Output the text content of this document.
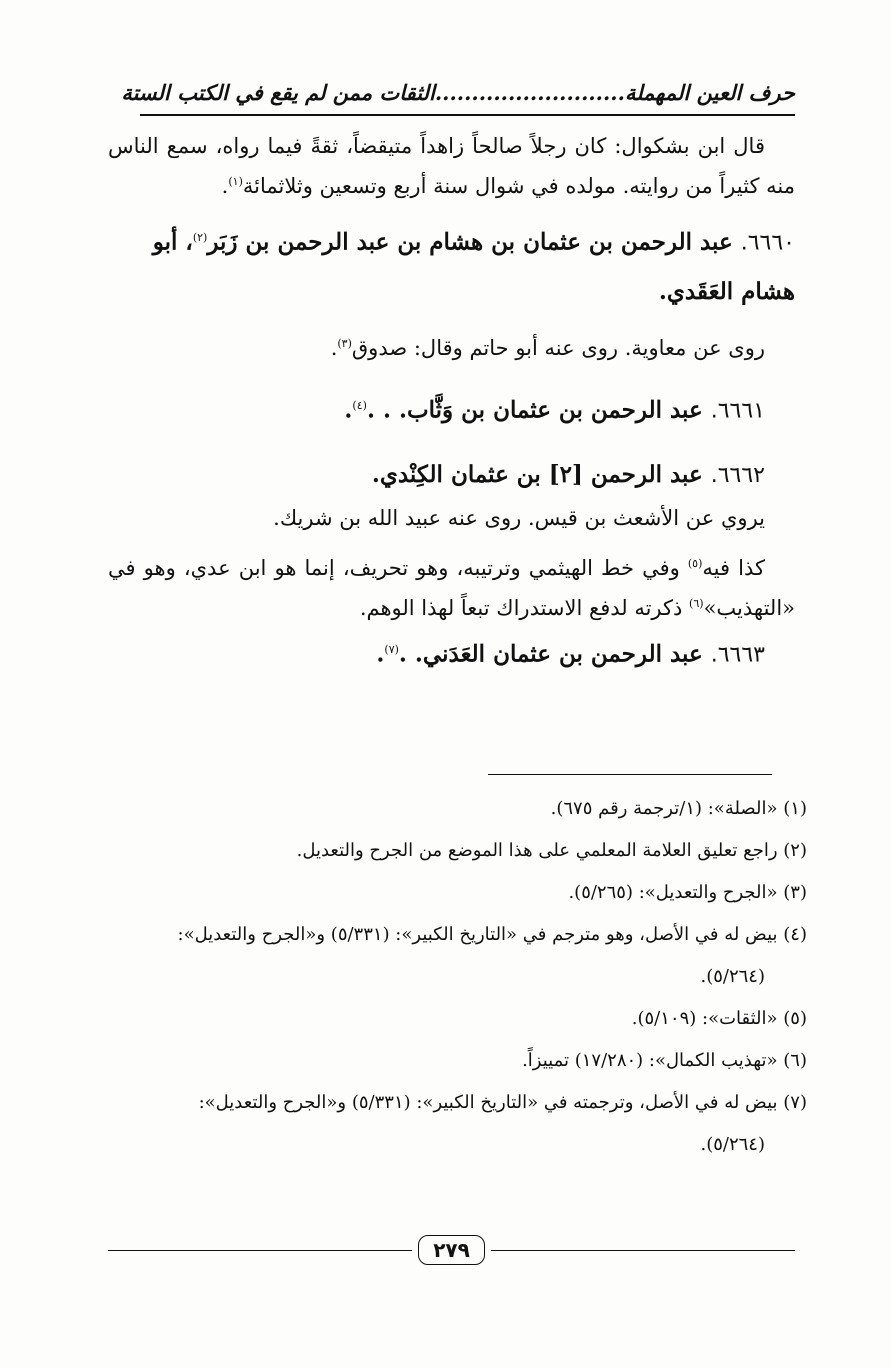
حرف العين المهملة
..........................
الثقات ممن لم يقع في الكتب الستة

قال ابن بشكوال: كان رجلاً صالحاً زاهداً متيقضاً، ثقةً فيما رواه، سمع الناس منه كثيراً من روايته. مولده في شوال سنة أربع وتسعين وثلاثمائة$^{(١)}$.

٦٦٦٠. عبد الرحمن بن عثمان بن هشام بن عبد الرحمن بن زَبَر$^{(٢)}$، أبو هشام العَقَدي.

روى عن معاوية. روى عنه أبو حاتم وقال: صدوق$^{(٣)}$.

٦٦٦١. عبد الرحمن بن عثمان بن وَثَّاب. . .$^{(٤)}$.

٦٦٦٢. عبد الرحمن [٢] بن عثمان الكِنْدي.

يروي عن الأشعث بن قيس. روى عنه عبيد الله بن شريك.

كذا فيه$^{(٥)}$ وفي خط الهيثمي وترتيبه، وهو تحريف، إنما هو ابن عدي، وهو في «التهذيب»$^{(٦)}$ ذكرته لدفع الاستدراك تبعاً لهذا الوهم.

٦٦٦٣. عبد الرحمن بن عثمان العَدَني. .$^{(٧)}$.

(١) «الصلة»: (١/ترجمة رقم ٦٧٥).

(٢) راجع تعليق العلامة المعلمي على هذا الموضع من الجرح والتعديل.

(٣) «الجرح والتعديل»: (٥/٢٦٥).

(٤) بيض له في الأصل، وهو مترجم في «التاريخ الكبير»: (٥/٣٣١) و«الجرح والتعديل»:

(٥/٢٦٤).

(٥) «الثقات»: (٥/١٠٩).

(٦) «تهذيب الكمال»: (١٧/٢٨٠) تمييزاً.

(٧) بيض له في الأصل، وترجمته في «التاريخ الكبير»: (٥/٣٣١) و«الجرح والتعديل»:

(٥/٢٦٤).

٢٧٩
